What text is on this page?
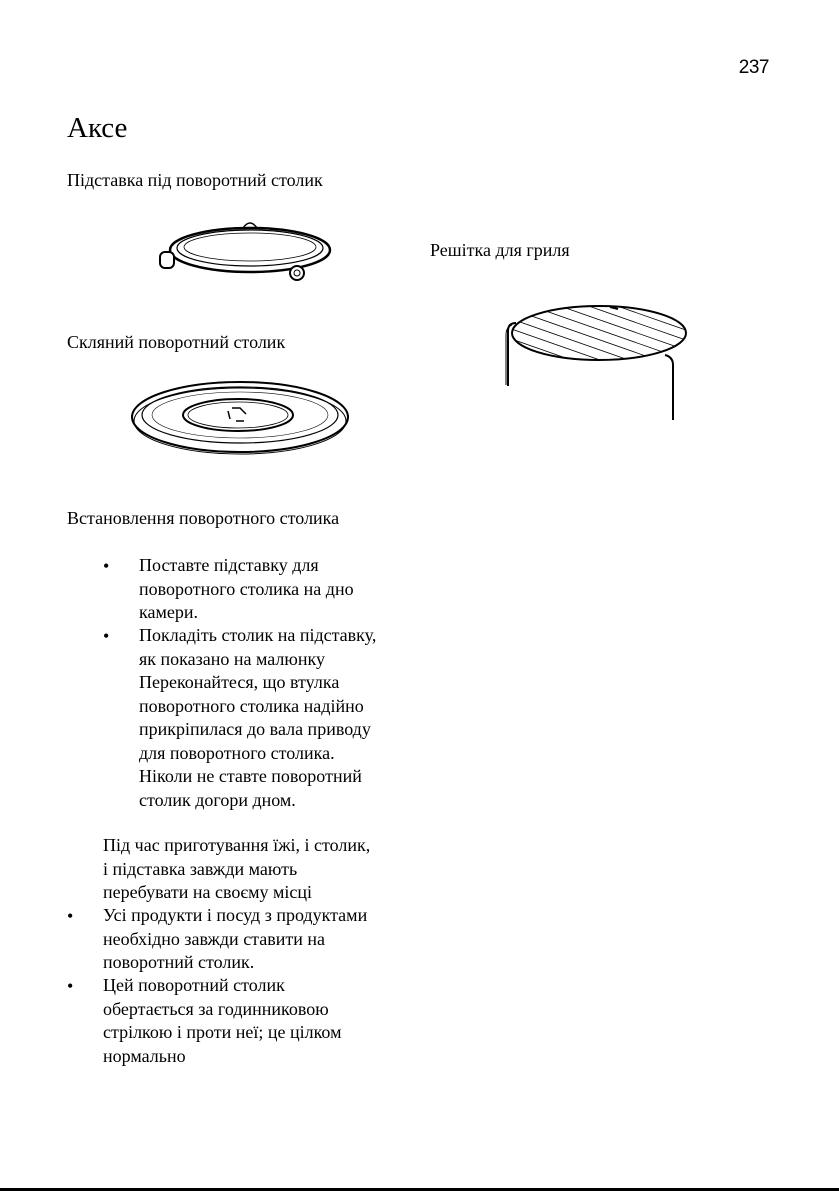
237
Аксе
Підставка під поворотний столик
Решітка для гриля
Скляний поворотний столик
Встановлення поворотного столика
• Поставте підставку для
поворотного столика на дно
камери.
• Покладіть столик на підставку,
як показано на малюнку
Переконайтеся, що втулка
поворотного столика надійно
прикріпилася до вала приводу
для поворотного столика.
Ніколи не ставте поворотний
столик догори дном.
Під час приготування їжі, і столик,
і підставка завжди мають
перебувати на своєму місці
• Усі продукти і посуд з продуктами
необхідно завжди ставити на
поворотний столик.
• Цей поворотний столик
обертається за годинниковою
стрілкою і проти неї; це цілком
нормально
